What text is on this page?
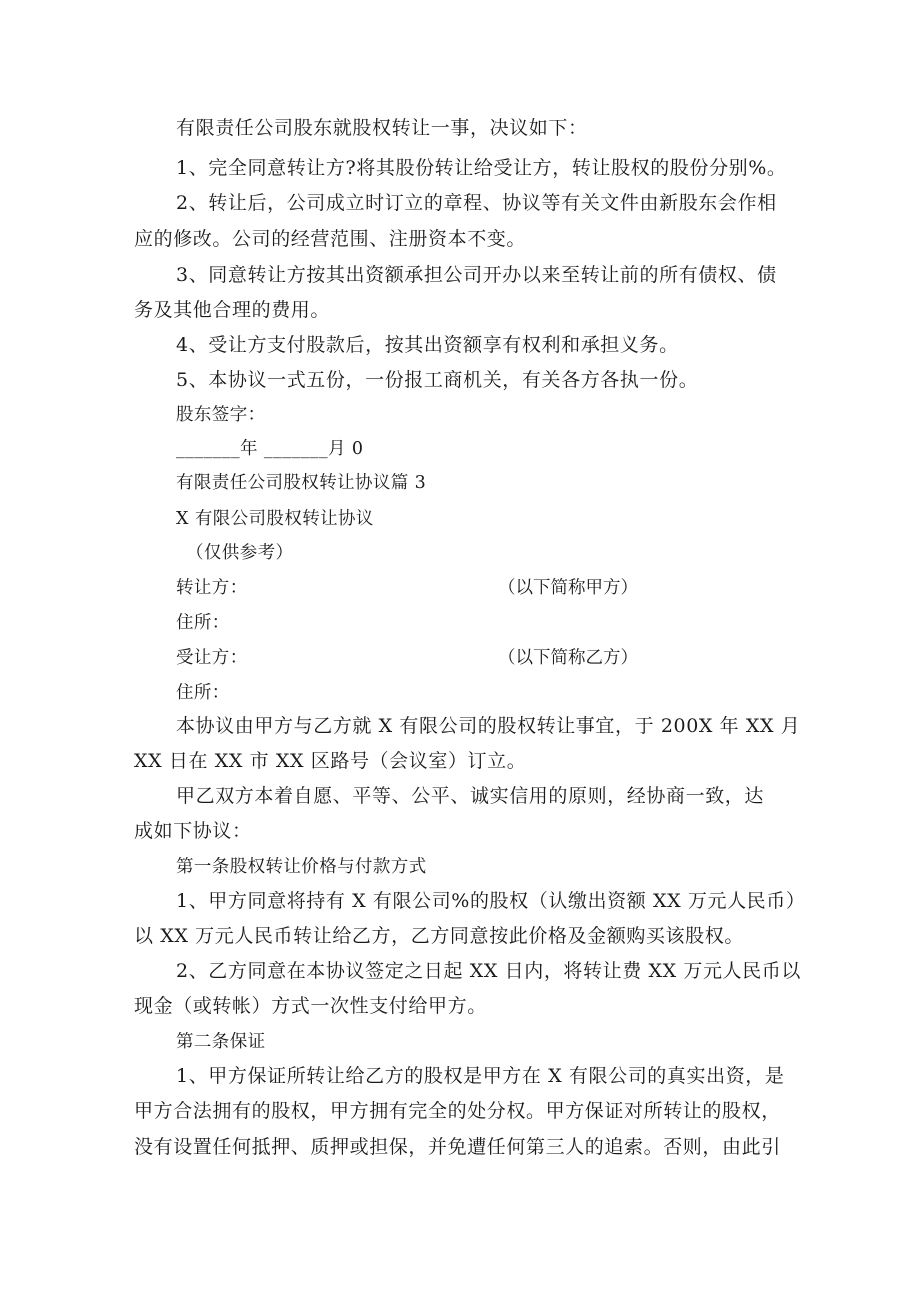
有限责任公司股东就股权转让一事，决议如下：
1、完全同意转让方?将其股份转让给受让方，转让股权的股份分别%。
2、转让后，公司成立时订立的章程、协议等有关文件由新股东会作相
应的修改。公司的经营范围、注册资本不变。
3、同意转让方按其出资额承担公司开办以来至转让前的所有债权、债
务及其他合理的费用。
4、受让方支付股款后，按其出资额享有权利和承担义务。
5、本协议一式五份，一份报工商机关，有关各方各执一份。
股东签字：
_______年 _______月 0
有限责任公司股权转让协议篇 3
X 有限公司股权转让协议
（仅供参考）
转让方：	（以下简称甲方）
住所：
受让方：	（以下简称乙方）
住所：
本协议由甲方与乙方就 X 有限公司的股权转让事宜，于 200X 年 XX 月
XX 日在 XX 市 XX 区路号（会议室）订立。
甲乙双方本着自愿、平等、公平、诚实信用的原则，经协商一致，达
成如下协议：
第一条股权转让价格与付款方式
1、甲方同意将持有 X 有限公司%的股权（认缴出资额 XX 万元人民币）
以 XX 万元人民币转让给乙方，乙方同意按此价格及金额购买该股权。
2、乙方同意在本协议签定之日起 XX 日内，将转让费 XX 万元人民币以
现金（或转帐）方式一次性支付给甲方。
第二条保证
1、甲方保证所转让给乙方的股权是甲方在 X 有限公司的真实出资，是
甲方合法拥有的股权，甲方拥有完全的处分权。甲方保证对所转让的股权，
没有设置任何抵押、质押或担保，并免遭任何第三人的追索。否则，由此引
